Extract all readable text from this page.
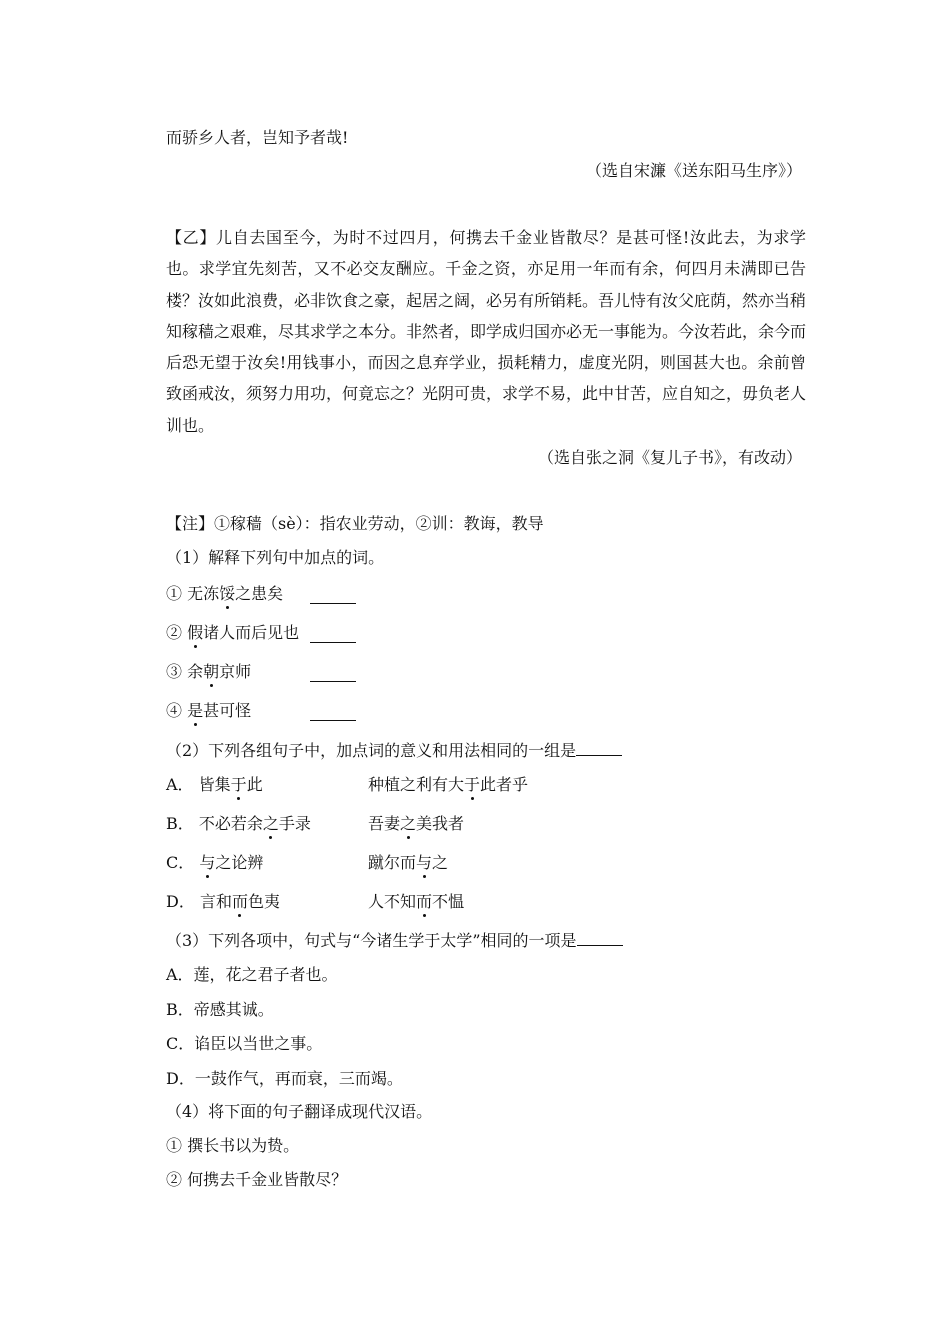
而骄乡人者，岂知予者哉!
（选自宋濂《送东阳马生序》）
【乙】儿自去国至今，为时不过四月，何携去千金业皆散尽？是甚可怪!汝此去，为求学也。求学宜先刻苦，又不必交友酬应。千金之资，亦足用一年而有余，何四月未满即已告楼？汝如此浪费，必非饮食之豪，起居之阔，必另有所销耗。吾儿恃有汝父庇荫，然亦当稍知稼穑之艰难，尽其求学之本分。非然者，即学成归国亦必无一事能为。今汝若此，余今而后恐无望于汝矣!用钱事小，而因之息弃学业，损耗精力，虚度光阴，则国甚大也。余前曾致函戒汝，须努力用功，何竟忘之？光阴可贵，求学不易，此中甘苦，应自知之，毋负老人训也。
（选自张之洞《复儿子书》，有改动）
【注】①稼穑（sè）：指农业劳动，②训：教诲，教导
（1）解释下列句中加点的词。
① 无冻馁之患矣
② 假诸人而后见也
③ 余朝京师
④ 是甚可怪
（2）下列各组句子中，加点词的意义和用法相同的一组是
A． 皆集于此	种植之利有大于此者乎
B． 不必若余之手录	吾妻之美我者
C． 与之论辨	蹴尔而与之
D． 言和而色夷	人不知而不愠
（3）下列各项中，句式与“今诸生学于太学”相同的一项是
A．莲，花之君子者也。
B．帝感其诚。
C．谄臣以当世之事。
D．一鼓作气，再而衰，三而竭。
（4）将下面的句子翻译成现代汉语。
① 撰长书以为贽。
② 何携去千金业皆散尽？
